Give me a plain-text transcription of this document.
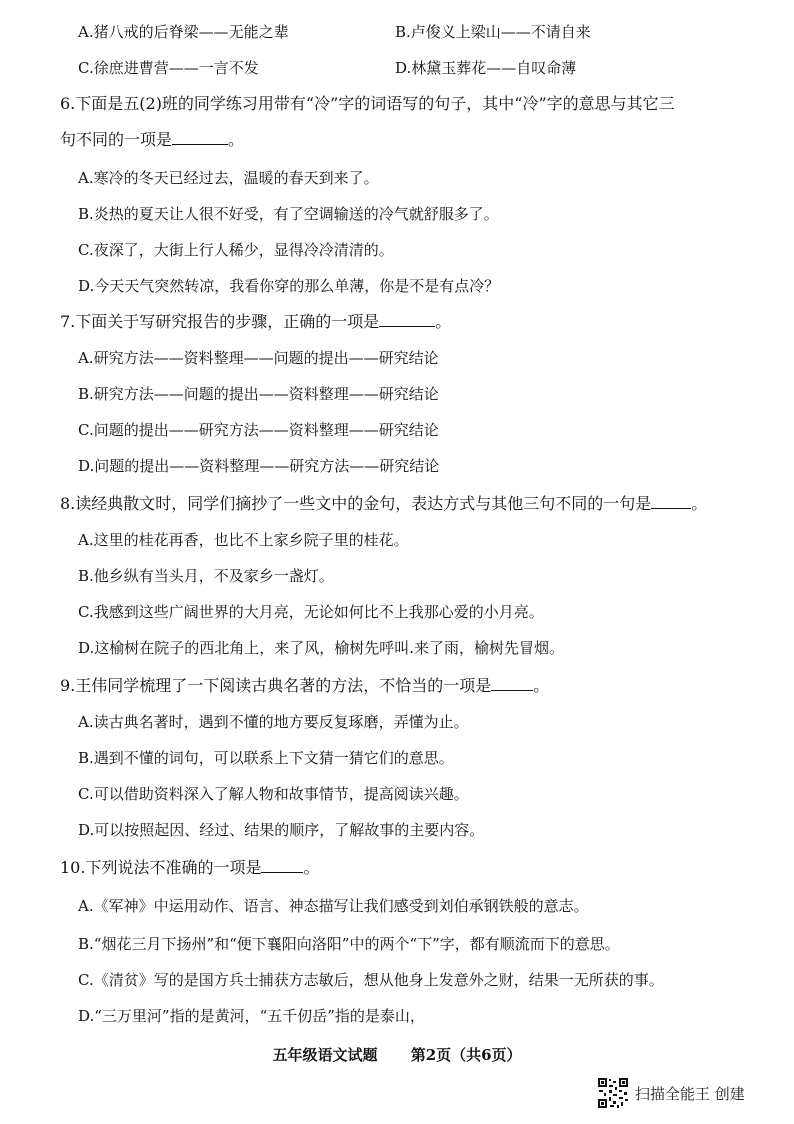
A.猪八戒的后脊梁——无能之辈	B.卢俊义上梁山——不请自来
C.徐庶进曹营——一言不发	D.林黛玉葬花——自叹命薄
6.下面是五(2)班的同学练习用带有“冷”字的词语写的句子，其中“冷”字的意思与其它三
句不同的一项是	。
A.寒冷的冬天已经过去，温暖的春天到来了。
B.炎热的夏天让人很不好受，有了空调输送的冷气就舒服多了。
C.夜深了，大街上行人稀少，显得冷冷清清的。
D.今天天气突然转凉，我看你穿的那么单薄，你是不是有点冷？
7.下面关于写研究报告的步骤，正确的一项是	。
A.研究方法——资料整理——问题的提出——研究结论
B.研究方法——问题的提出——资料整理——研究结论
C.问题的提出——研究方法——资料整理——研究结论
D.问题的提出——资料整理——研究方法——研究结论
8.读经典散文时，同学们摘抄了一些文中的金句，表达方式与其他三句不同的一句是	。
A.这里的桂花再香，也比不上家乡院子里的桂花。
B.他乡纵有当头月，不及家乡一盏灯。
C.我感到这些广阔世界的大月亮，无论如何比不上我那心爱的小月亮。
D.这榆树在院子的西北角上，来了风，榆树先呼叫.来了雨，榆树先冒烟。
9.王伟同学梳理了一下阅读古典名著的方法，不恰当的一项是	。
A.读古典名著时，遇到不懂的地方要反复琢磨，弄懂为止。
B.遇到不懂的词句，可以联系上下文猜一猜它们的意思。
C.可以借助资料深入了解人物和故事情节，提高阅读兴趣。
D.可以按照起因、经过、结果的顺序，了解故事的主要内容。
10.下列说法不准确的一项是	。
A.《军神》中运用动作、语言、神态描写让我们感受到刘伯承钢铁般的意志。
B.“烟花三月下扬州”和“便下襄阳向洛阳”中的两个“下”字，都有顺流而下的意思。
C.《清贫》写的是国方兵士捕获方志敏后，想从他身上发意外之财，结果一无所获的事。
D.“三万里河”指的是黄河，“五千仞岳”指的是泰山，
五年级语文试题 第2页（共6页）
扫描全能王 创建
